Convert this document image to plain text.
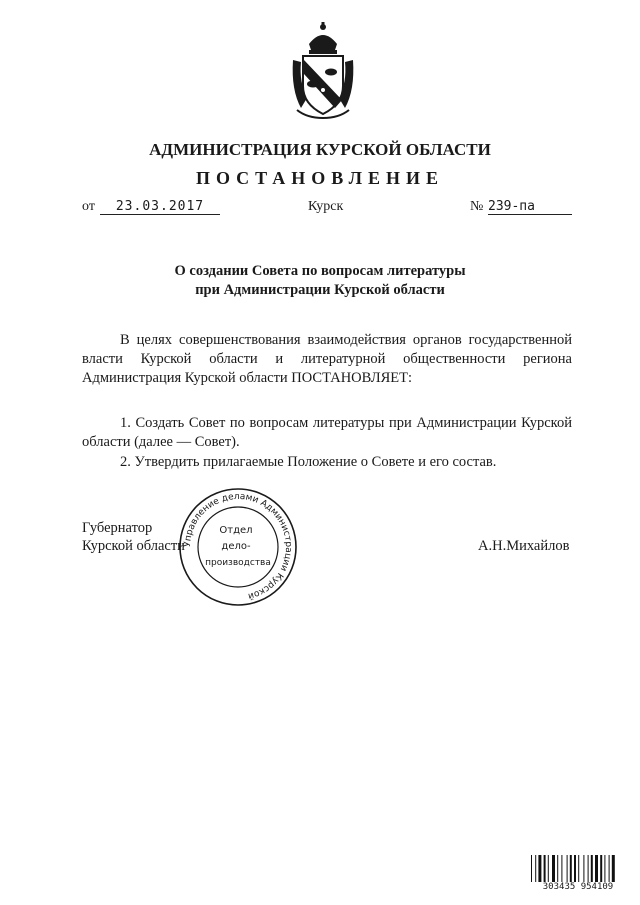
АДМИНИСТРАЦИЯ КУРСКОЙ ОБЛАСТИ
ПОСТАНОВЛЕНИЕ
от	23.03.2017	Курск	№ 239-па
О создании Совета по вопросам литературы
при Администрации Курской области
В целях совершенствования взаимодействия органов государственной власти Курской области и литературной общественности региона Администрация Курской области ПОСТАНОВЛЯЕТ:
1. Создать Совет по вопросам литературы при Администрации Курской области (далее — Совет).
2. Утвердить прилагаемые Положение о Совете и его состав.
Губернатор
Курской области	А.Н.Михайлов
Управление делами Администрации Курской
Отдел
дело-
производства
303435 954109
